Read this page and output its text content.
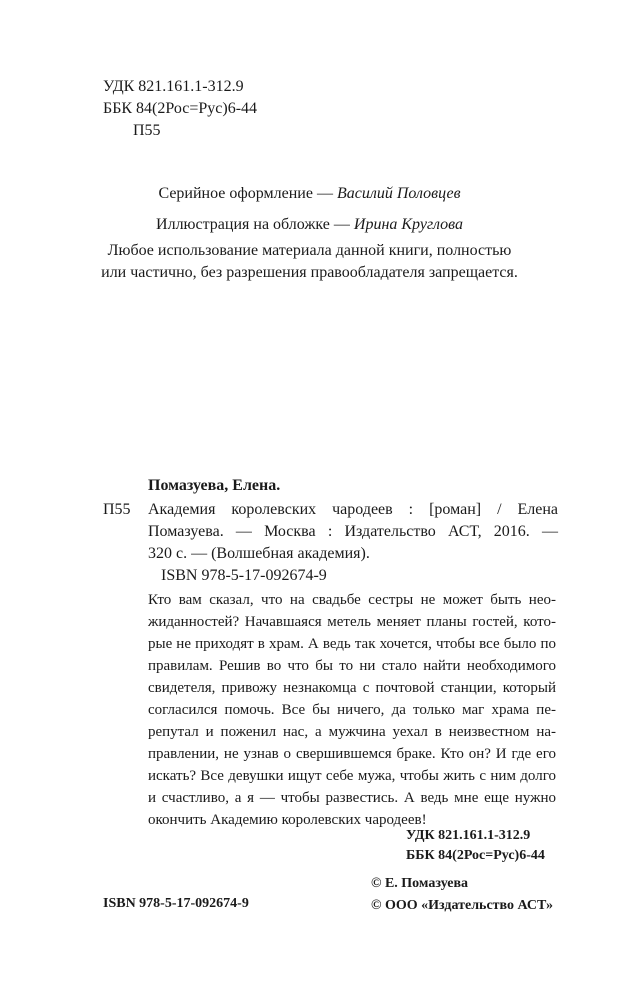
УДК 821.161.1-312.9
ББК 84(2Рос=Рус)6-44
П55
Серийное оформление — Василий Половцев
Иллюстрация на обложке — Ирина Круглова
Любое использование материала данной книги, полностью
или частично, без разрешения правообладателя запрещается.
Помазуева, Елена.
П55 Академия королевских чародеев : [роман] / Елена
Помазуева. — Москва : Издательство АСТ, 2016. —
320 с. — (Волшебная академия).
ISBN 978-5-17-092674-9
Кто вам сказал, что на свадьбе сестры не может быть нео-
жиданностей? Начавшаяся метель меняет планы гостей, кото-
рые не приходят в храм. А ведь так хочется, чтобы все было по
правилам. Решив во что бы то ни стало найти необходимого
свидетеля, привожу незнакомца с почтовой станции, который
согласился помочь. Все бы ничего, да только маг храма пе-
репутал и поженил нас, а мужчина уехал в неизвестном на-
правлении, не узнав о свершившемся браке. Кто он? И где его
искать? Все девушки ищут себе мужа, чтобы жить с ним долго
и счастливо, а я — чтобы развестись. А ведь мне еще нужно
окончить Академию королевских чародеев!
УДК 821.161.1-312.9
ББК 84(2Рос=Рус)6-44
ISBN 978-5-17-092674-9
© Е. Помазуева
© ООО «Издательство АСТ»
